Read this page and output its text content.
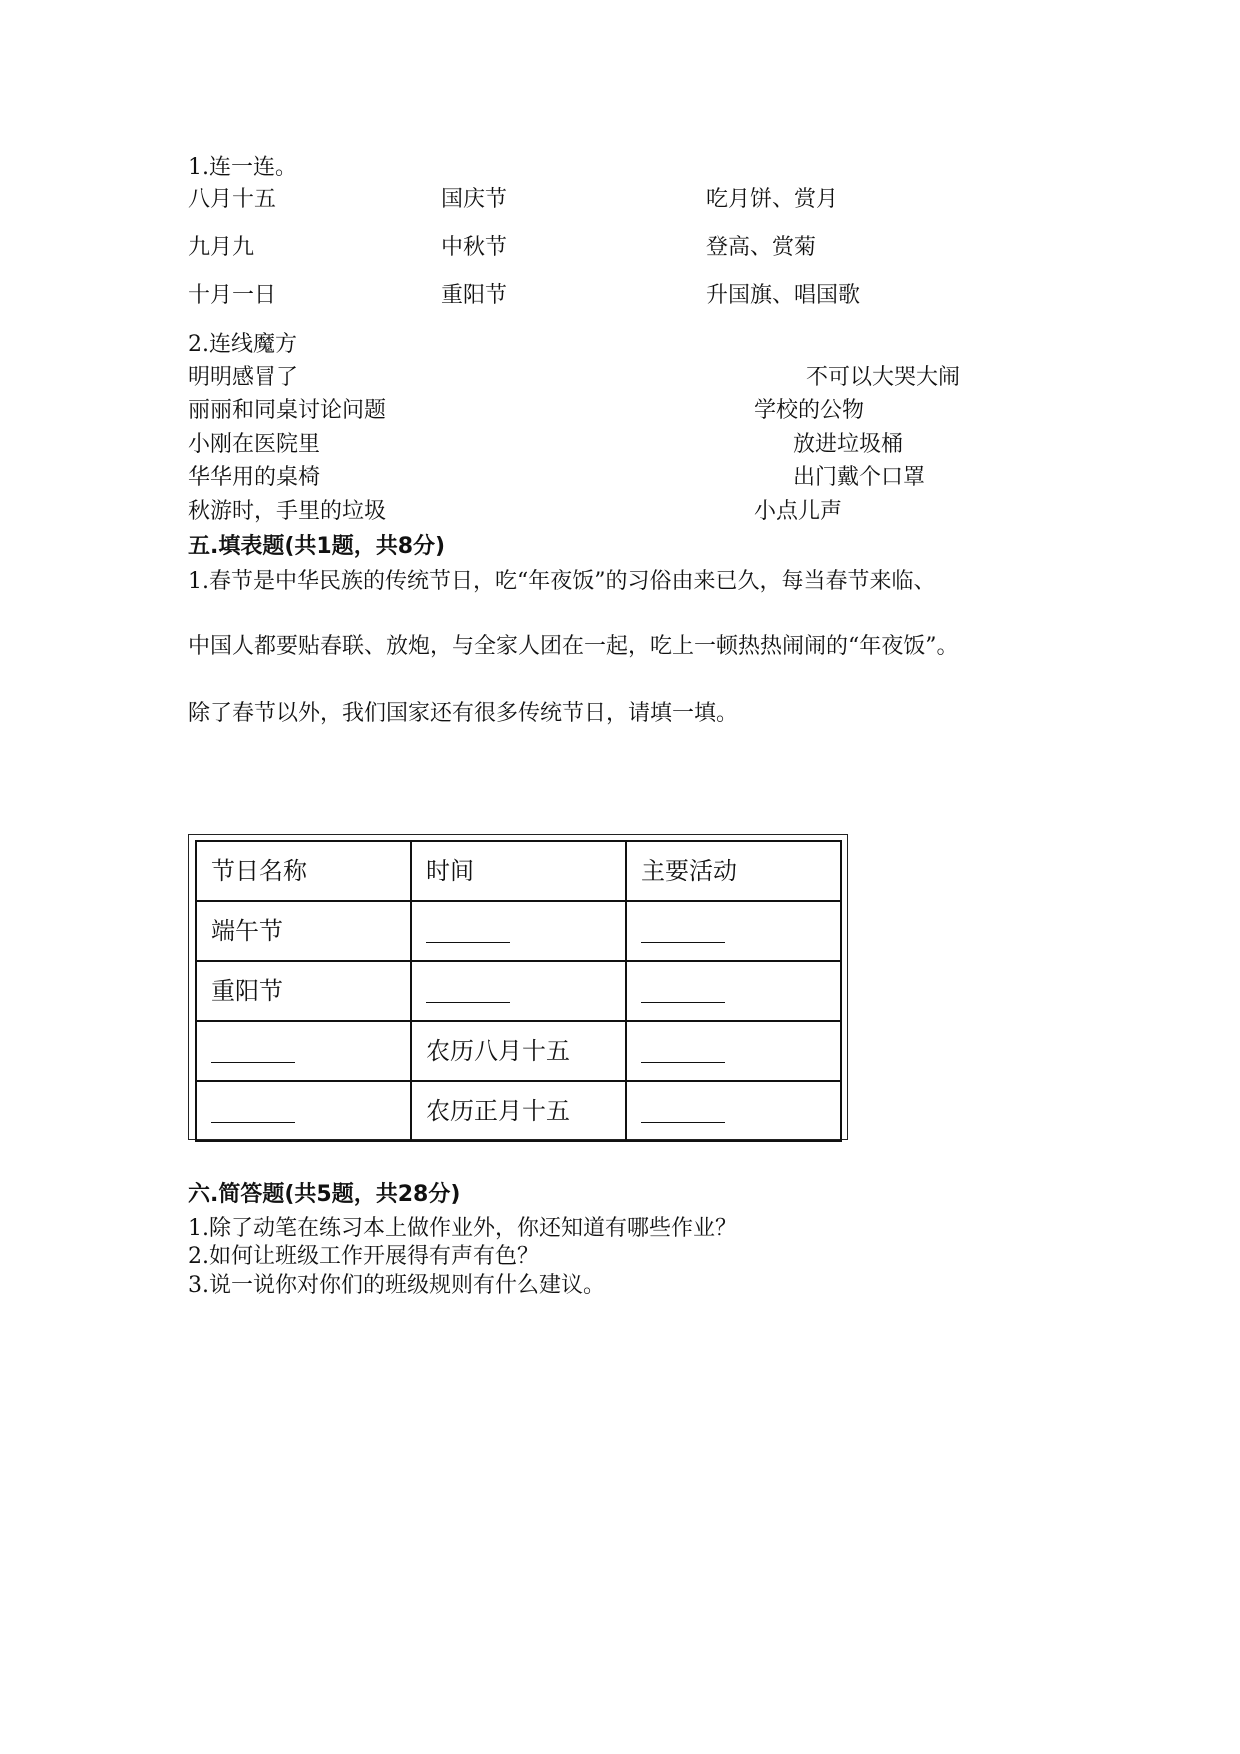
1.连一连。
八月十五	国庆节	吃月饼、赏月
九月九	中秋节	登高、赏菊
十月一日	重阳节	升国旗、唱国歌
2.连线魔方
明明感冒了
丽丽和同桌讨论问题
小刚在医院里
华华用的桌椅
秋游时，手里的垃圾
不可以大哭大闹
学校的公物
放进垃圾桶
出门戴个口罩
小点儿声
五.填表题(共1题，共8分)
1.春节是中华民族的传统节日，吃“年夜饭”的习俗由来已久，每当春节来临、
中国人都要贴春联、放炮，与全家人团在一起，吃上一顿热热闹闹的“年夜饭”。
除了春节以外，我们国家还有很多传统节日，请填一填。
节日名称	时间	主要活动
端午节		
重阳节		
	农历八月十五	
	农历正月十五	
六.简答题(共5题，共28分)
1.除了动笔在练习本上做作业外，你还知道有哪些作业？
2.如何让班级工作开展得有声有色？
3.说一说你对你们的班级规则有什么建议。
